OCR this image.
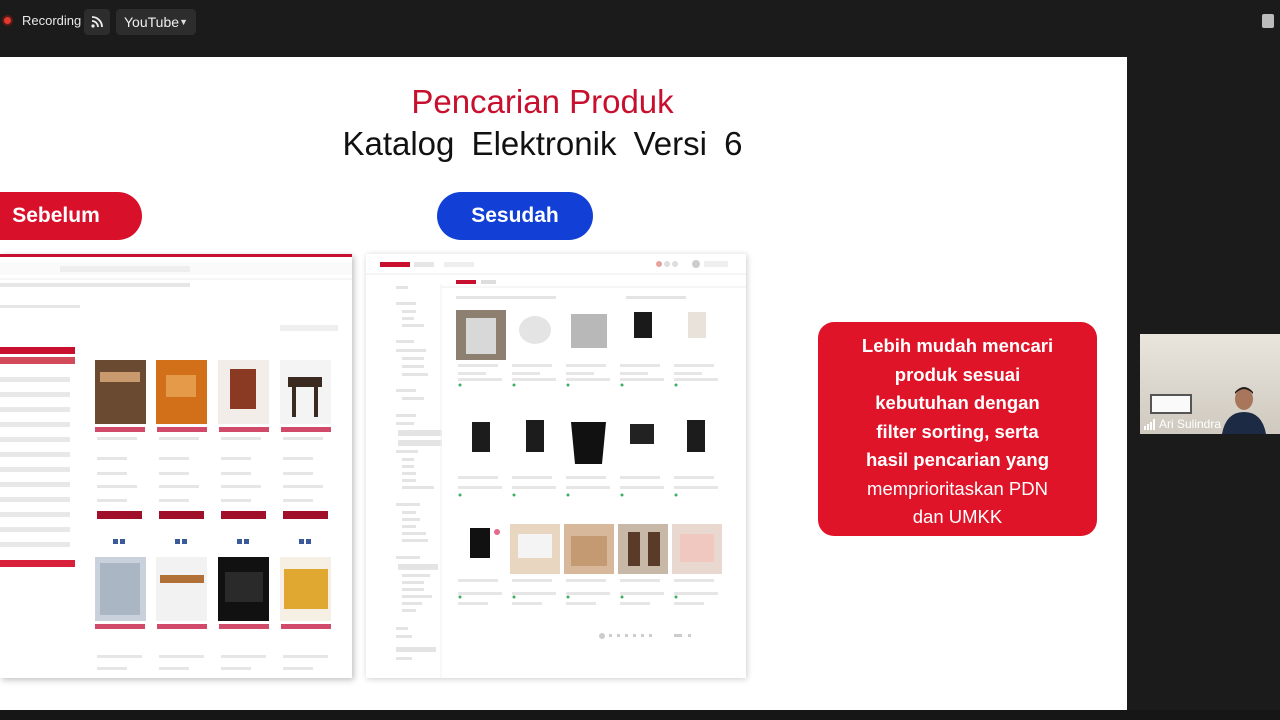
Recording	YouTube ▼
Pencarian Produk
Katalog Elektronik Versi 6
Sebelum	Sesudah
Lebih mudah mencari
produk sesuai
kebutuhan dengan
filter sorting, serta
hasil pencarian yang
memprioritaskan PDN
dan UMKK
Ari Sulindra
